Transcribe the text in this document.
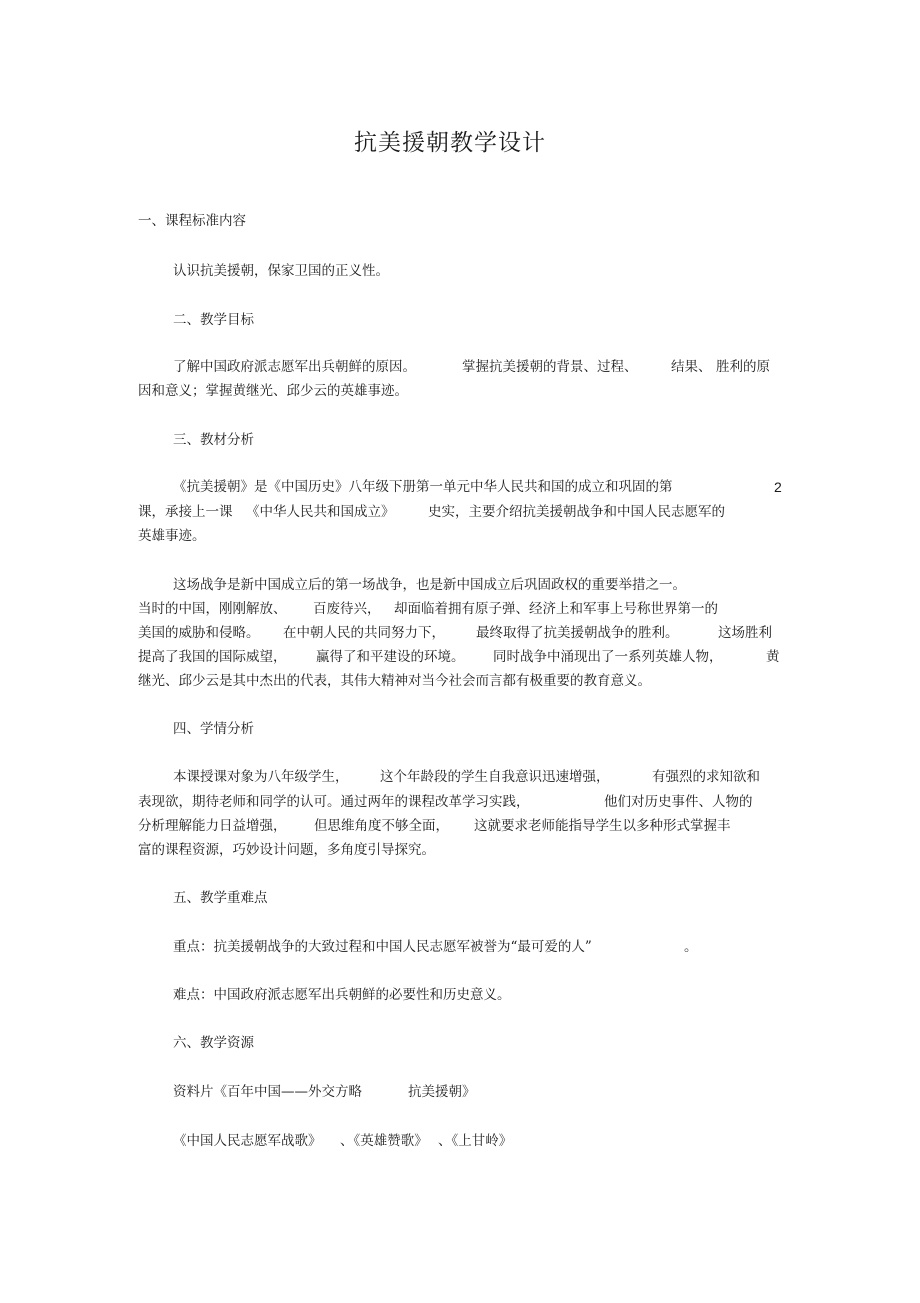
抗美援朝教学设计
一、课程标准内容
认识抗美援朝，保家卫国的正义性。
二、教学目标
了解中国政府派志愿军出兵朝鲜的原因。	掌握抗美援朝的背景、过程、 结果、 胜利的原
因和意义；掌握黄继光、邱少云的英雄事迹。
三、教材分析
《抗美援朝》是《中国历史》八年级下册第一单元中华人民共和国的成立和巩固的第	2
课，承接上一课 《中华人民共和国成立》 史实，主要介绍抗美援朝战争和中国人民志愿军的
英雄事迹。
这场战争是新中国成立后的第一场战争，也是新中国成立后巩固政权的重要举措之一。
当时的中国，刚刚解放、 百废待兴， 却面临着拥有原子弹、经济上和军事上号称世界第一的
美国的威胁和侵略。 在中朝人民的共同努力下， 最终取得了抗美援朝战争的胜利。	这场胜利
提高了我国的国际威望， 赢得了和平建设的环境。 同时战争中涌现出了一系列英雄人物，	黄
继光、邱少云是其中杰出的代表，其伟大精神对当今社会而言都有极重要的教育意义。
四、学情分析
本课授课对象为八年级学生， 这个年龄段的学生自我意识迅速增强，	有强烈的求知欲和
表现欲，期待老师和同学的认可。通过两年的课程改革学习实践，	他们对历史事件、人物的
分析理解能力日益增强， 但思维角度不够全面， 这就要求老师能指导学生以多种形式掌握丰
富的课程资源，巧妙设计问题，多角度引导探究。
五、教学重难点
重点：抗美援朝战争的大致过程和中国人民志愿军被誉为“最可爱的人”	。
难点：中国政府派志愿军出兵朝鲜的必要性和历史意义。
六、教学资源
资料片《百年中国——外交方略	抗美援朝》
《中国人民志愿军战歌》 、《英雄赞歌》 、《上甘岭》
